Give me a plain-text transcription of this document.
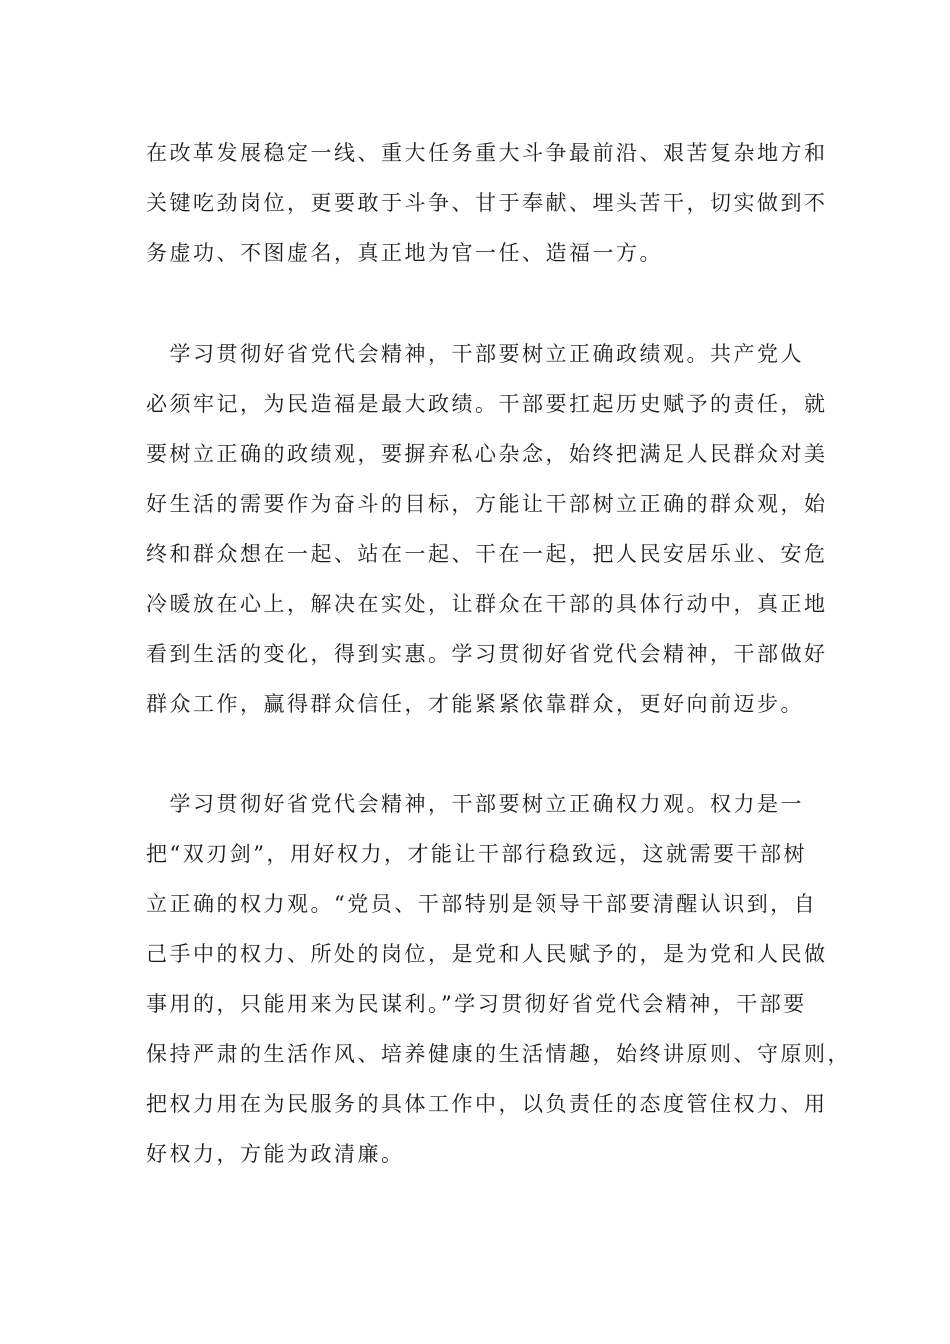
在改革发展稳定一线、重大任务重大斗争最前沿、艰苦复杂地方和
关键吃劲岗位，更要敢于斗争、甘于奉献、埋头苦干，切实做到不
务虚功、不图虚名，真正地为官一任、造福一方。
　学习贯彻好省党代会精神，干部要树立正确政绩观。共产党人
必须牢记，为民造福是最大政绩。干部要扛起历史赋予的责任，就
要树立正确的政绩观，要摒弃私心杂念，始终把满足人民群众对美
好生活的需要作为奋斗的目标，方能让干部树立正确的群众观，始
终和群众想在一起、站在一起、干在一起，把人民安居乐业、安危
冷暖放在心上，解决在实处，让群众在干部的具体行动中，真正地
看到生活的变化，得到实惠。学习贯彻好省党代会精神，干部做好
群众工作，赢得群众信任，才能紧紧依靠群众，更好向前迈步。
　学习贯彻好省党代会精神，干部要树立正确权力观。权力是一
把“双刃剑”，用好权力，才能让干部行稳致远，这就需要干部树
立正确的权力观。“党员、干部特别是领导干部要清醒认识到，自
己手中的权力、所处的岗位，是党和人民赋予的，是为党和人民做
事用的，只能用来为民谋利。”学习贯彻好省党代会精神，干部要
保持严肃的生活作风、培养健康的生活情趣，始终讲原则、守原则，
把权力用在为民服务的具体工作中，以负责任的态度管住权力、用
好权力，方能为政清廉。
